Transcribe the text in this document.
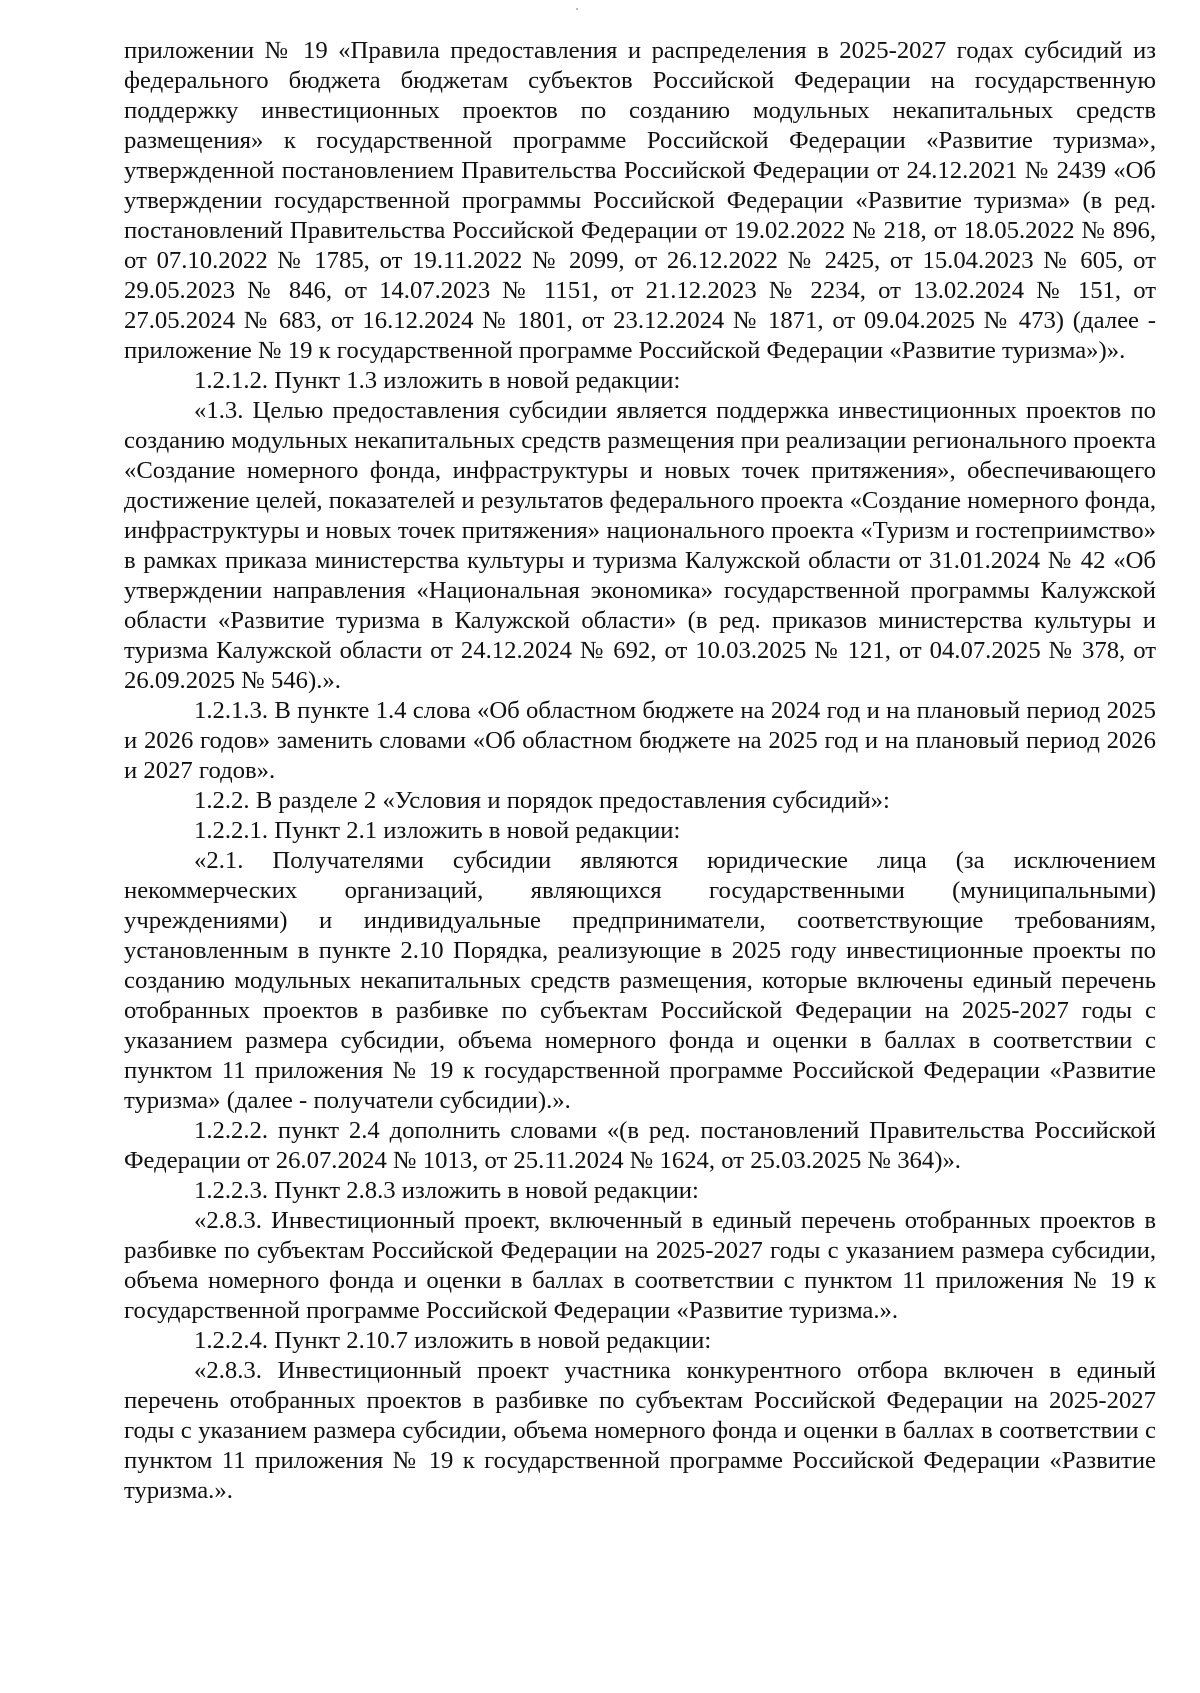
приложении № 19 «Правила предоставления и распределения в 2025-2027 годах субсидий из федерального бюджета бюджетам субъектов Российской Федерации на государственную поддержку инвестиционных проектов по созданию модульных некапитальных средств размещения» к государственной программе Российской Федерации «Развитие туризма», утвержденной постановлением Правительства Российской Федерации от 24.12.2021 № 2439 «Об утверждении государственной программы Российской Федерации «Развитие туризма» (в ред. постановлений Правительства Российской Федерации от 19.02.2022 № 218, от 18.05.2022 № 896, от 07.10.2022 № 1785, от 19.11.2022 № 2099, от 26.12.2022 № 2425, от 15.04.2023 № 605, от 29.05.2023 № 846, от 14.07.2023 № 1151, от 21.12.2023 № 2234, от 13.02.2024 № 151, от 27.05.2024 № 683, от 16.12.2024 № 1801, от 23.12.2024 № 1871, от 09.04.2025 № 473) (далее - приложение № 19 к государственной программе Российской Федерации «Развитие туризма»)».

1.2.1.2. Пункт 1.3 изложить в новой редакции:

«1.3. Целью предоставления субсидии является поддержка инвестиционных проектов по созданию модульных некапитальных средств размещения при реализации регионального проекта «Создание номерного фонда, инфраструктуры и новых точек притяжения», обеспечивающего достижение целей, показателей и результатов федерального проекта «Создание номерного фонда, инфраструктуры и новых точек притяжения» национального проекта «Туризм и гостеприимство» в рамках приказа министерства культуры и туризма Калужской области от 31.01.2024 № 42 «Об утверждении направления «Национальная экономика» государственной программы Калужской области «Развитие туризма в Калужской области» (в ред. приказов министерства культуры и туризма Калужской области от 24.12.2024 № 692, от 10.03.2025 № 121, от 04.07.2025 № 378, от 26.09.2025 № 546).».

1.2.1.3. В пункте 1.4 слова «Об областном бюджете на 2024 год и на плановый период 2025 и 2026 годов» заменить словами «Об областном бюджете на 2025 год и на плановый период 2026 и 2027 годов».

1.2.2. В разделе 2 «Условия и порядок предоставления субсидий»:

1.2.2.1. Пункт 2.1 изложить в новой редакции:

«2.1. Получателями субсидии являются юридические лица (за исключением некоммерческих организаций, являющихся государственными (муниципальными) учреждениями) и индивидуальные предприниматели, соответствующие требованиям, установленным в пункте 2.10 Порядка, реализующие в 2025 году инвестиционные проекты по созданию модульных некапитальных средств размещения, которые включены единый перечень отобранных проектов в разбивке по субъектам Российской Федерации на 2025-2027 годы с указанием размера субсидии, объема номерного фонда и оценки в баллах в соответствии с пунктом 11 приложения № 19 к государственной программе Российской Федерации «Развитие туризма» (далее - получатели субсидии).».

1.2.2.2. пункт 2.4 дополнить словами «(в ред. постановлений Правительства Российской Федерации от 26.07.2024 № 1013, от 25.11.2024 № 1624, от 25.03.2025 № 364)».

1.2.2.3. Пункт 2.8.3 изложить в новой редакции:

«2.8.3. Инвестиционный проект, включенный в единый перечень отобранных проектов в разбивке по субъектам Российской Федерации на 2025-2027 годы с указанием размера субсидии, объема номерного фонда и оценки в баллах в соответствии с пунктом 11 приложения № 19 к государственной программе Российской Федерации «Развитие туризма.».

1.2.2.4. Пункт 2.10.7 изложить в новой редакции:

«2.8.3. Инвестиционный проект участника конкурентного отбора включен в единый перечень отобранных проектов в разбивке по субъектам Российской Федерации на 2025-2027 годы с указанием размера субсидии, объема номерного фонда и оценки в баллах в соответствии с пунктом 11 приложения № 19 к государственной программе Российской Федерации «Развитие туризма.».
